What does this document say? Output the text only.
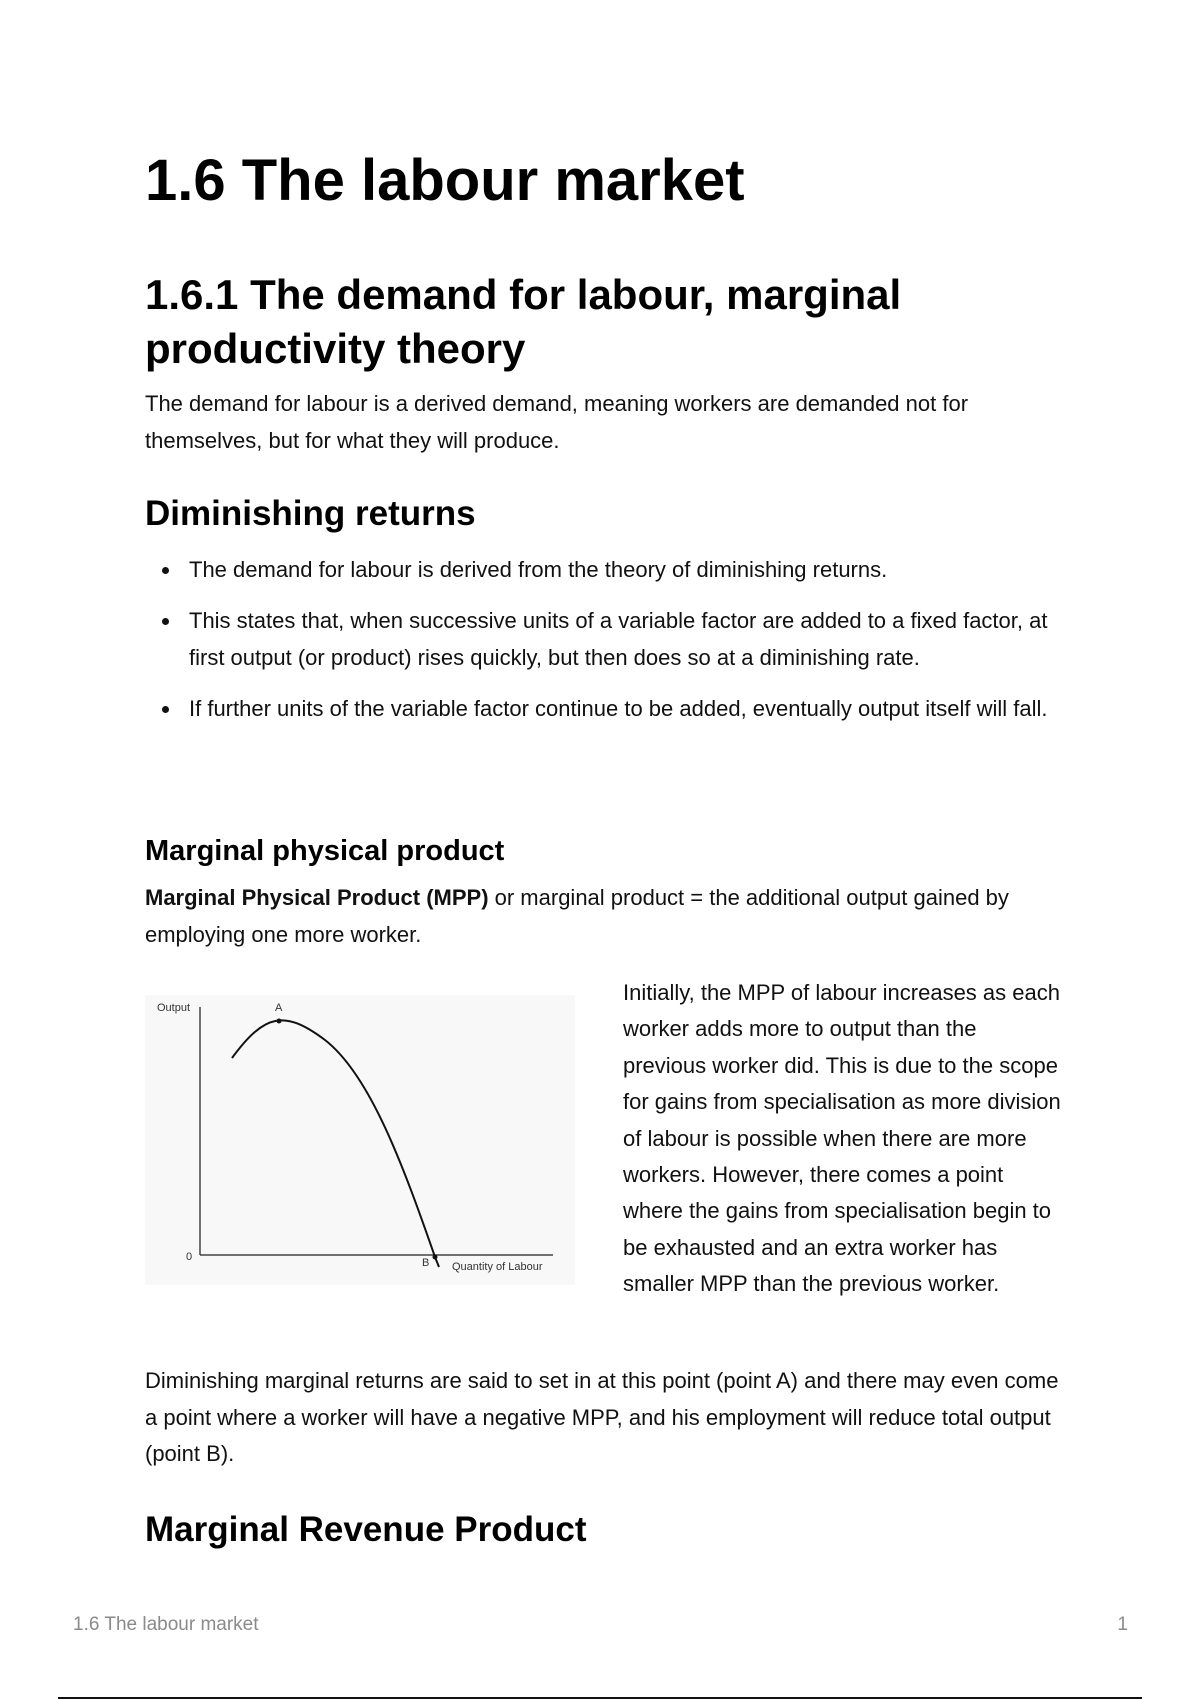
1.6 The labour market
1.6.1 The demand for labour, marginal productivity theory

The demand for labour is a derived demand, meaning workers are demanded not for themselves, but for what they will produce.

Diminishing returns
The demand for labour is derived from the theory of diminishing returns.
This states that, when successive units of a variable factor are added to a fixed factor, at first output (or product) rises quickly, but then does so at a diminishing rate.
If further units of the variable factor continue to be added, eventually output itself will fall.
Marginal physical product

Marginal Physical Product (MPP) or marginal product = the additional output gained by employing one more worker.

Output	A
0	B Quantity of Labour

Initially, the MPP of labour increases as each worker adds more to output than the previous worker did. This is due to the scope for gains from specialisation as more division of labour is possible when there are more workers. However, there comes a point where the gains from specialisation begin to be exhausted and an extra worker has smaller MPP than the previous worker.

Diminishing marginal returns are said to set in at this point (point A) and there may even come a point where a worker will have a negative MPP, and his employment will reduce total output (point B).

Marginal Revenue Product
1.6 The labour market	1
